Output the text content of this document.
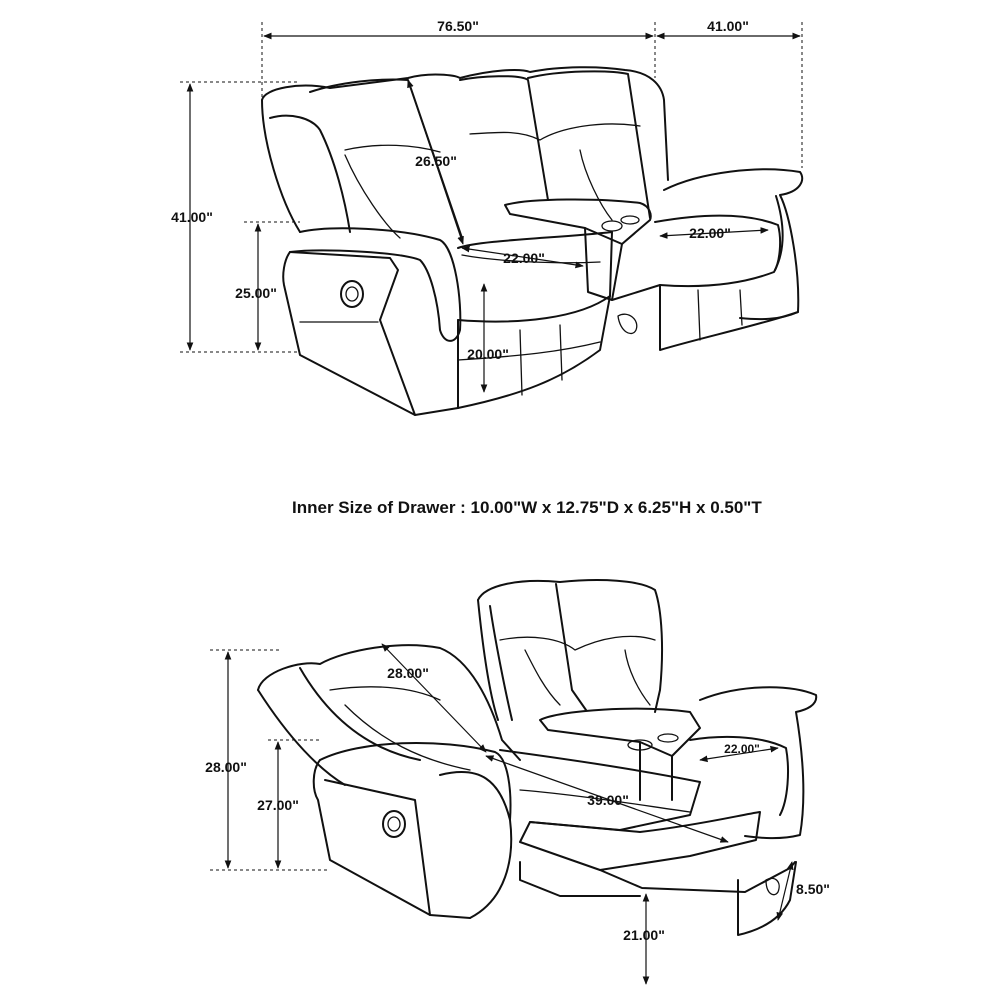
76.50"	41.00"
41.00"
25.00"
26.50"
22.00"
22.00"
20.00"
28.00"
27.00"
28.00"
39.00"
22.00"
8.50"
21.00"
Inner Size of Drawer : 10.00"W x 12.75"D x 6.25"H x 0.50"T
